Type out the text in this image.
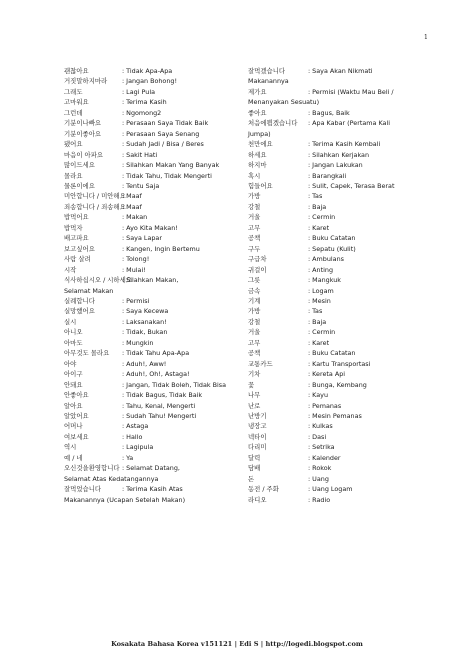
1
괜찮아요	: Tidak Apa-Apa
거짓말하지마라	: Jangan Bohong!
그래도	: Lagi Pula
고마워요	: Terima Kasih
그런데	: Ngomong2
기분이나빠요	: Perasaan Saya Tidak Baik
기분이좋아요	: Perasaan Saya Senang
됐어요	: Sudah Jadi / Bisa / Beres
마음이 아파요	: Sakit Hati
많이드세요	: Silahkan Makan Yang Banyak
몰라요	: Tidak Tahu, Tidak Mengerti
물론이에요	: Tentu Saja
미안합니다 / 미안해요
: Maaf
죄송합니다 / 죄송해요
: Maaf
밥먹어요	: Makan
밥먹자	: Ayo Kita Makan!
배고파요	: Saya Lapar
보고싶어요	: Kangen, Ingin Bertemu
사람 살려	: Tolong!
시작	: Mulai!
식사하십시오 / 시하세요
: Silahkan Makan,
Selamat Makan
실례합니다	: Permisi
실망했어요	: Saya Kecewa
실시	: Laksanakan!
아니오	: Tidak, Bukan
아마도	: Mungkin
아무것도 몰라요	: Tidak Tahu Apa-Apa
아야	: Aduh!, Aww!
아이구	: Aduh!, Oh!, Astaga!
안돼요	: Jangan, Tidak Boleh, Tidak Bisa
안좋아요	: Tidak Bagus, Tidak Baik
알아요	: Tahu, Kenal, Mengerti
알았어요	: Sudah Tahu! Mengerti
어머나	: Astaga
여보세요	: Hallo
역시	: Lagipula
예 / 네	: Ya
오신것을환영합니다 : Selamat Datang,
Selamat Atas Kedatangannya
잘먹었습니다	: Terima Kasih Atas
Makanannya (Ucapan Setelah Makan)
잘먹겠습니다	: Saya Akan Nikmati
Makanannya
제가요	: Permisi (Waktu Mau Beli /
Menanyakan Sesuatu)
좋아요	: Bagus, Baik
처음에뵙겠습니다	: Apa Kabar (Pertama Kali
Jumpa)
천만에요	: Terima Kasih Kembali
하세요	: Silahkan Kerjakan
하지마	: Jangan Lakukan
혹시	: Barangkali
힘들어요	: Sulit, Capek, Terasa Berat
가방	: Tas
강철	: Baja
거울	: Cermin
고무	: Karet
공책	: Buku Catatan
구두	: Sepatu (Kulit)
구급차	: Ambulans
귀걸이	: Anting
그릇	: Mangkuk
금속	: Logam
기계	: Mesin
가방	: Tas
강철	: Baja
거울	: Cermin
고무	: Karet
공책	: Buku Catatan
교통카드	: Kartu Transportasi
기차	: Kereta Api
꽃	: Bunga, Kembang
나무	: Kayu
난로	: Pemanas
난방기	: Mesin Pemanas
냉장고	: Kulkas
넥타이	: Dasi
다리미	: Setrika
달력	: Kalender
담배	: Rokok
돈	: Uang
동전 / 주화	: Uang Logam
라디오	: Radio
Kosakata Bahasa Korea v151121 | Edi S | http://logedi.blogspot.com
